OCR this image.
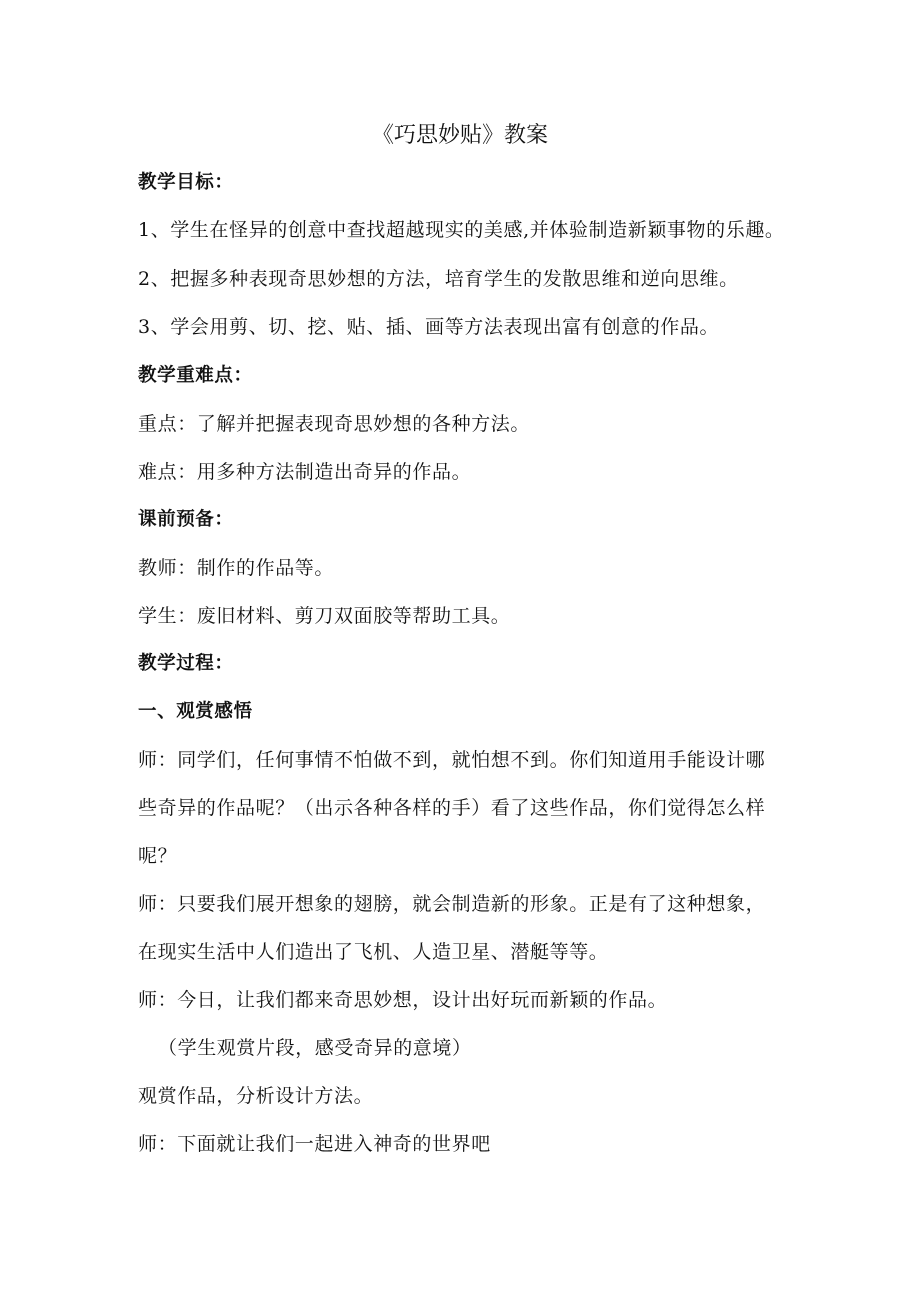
《巧思妙贴》教案
教学目标：
1、学生在怪异的创意中查找超越现实的美感,并体验制造新颖事物的乐趣。
2、把握多种表现奇思妙想的方法，培育学生的发散思维和逆向思维。
3、学会用剪、切、挖、贴、插、画等方法表现出富有创意的作品。
教学重难点：
重点：了解并把握表现奇思妙想的各种方法。
难点：用多种方法制造出奇异的作品。
课前预备：
教师：制作的作品等。
学生：废旧材料、剪刀双面胶等帮助工具。
教学过程：
一、观赏感悟
师：同学们，任何事情不怕做不到，就怕想不到。你们知道用手能设计哪
些奇异的作品呢？（出示各种各样的手）看了这些作品，你们觉得怎么样
呢？
师：只要我们展开想象的翅膀，就会制造新的形象。正是有了这种想象，
在现实生活中人们造出了飞机、人造卫星、潜艇等等。
师：今日，让我们都来奇思妙想，设计出好玩而新颖的作品。
（学生观赏片段，感受奇异的意境）
观赏作品，分析设计方法。
师：下面就让我们一起进入神奇的世界吧
